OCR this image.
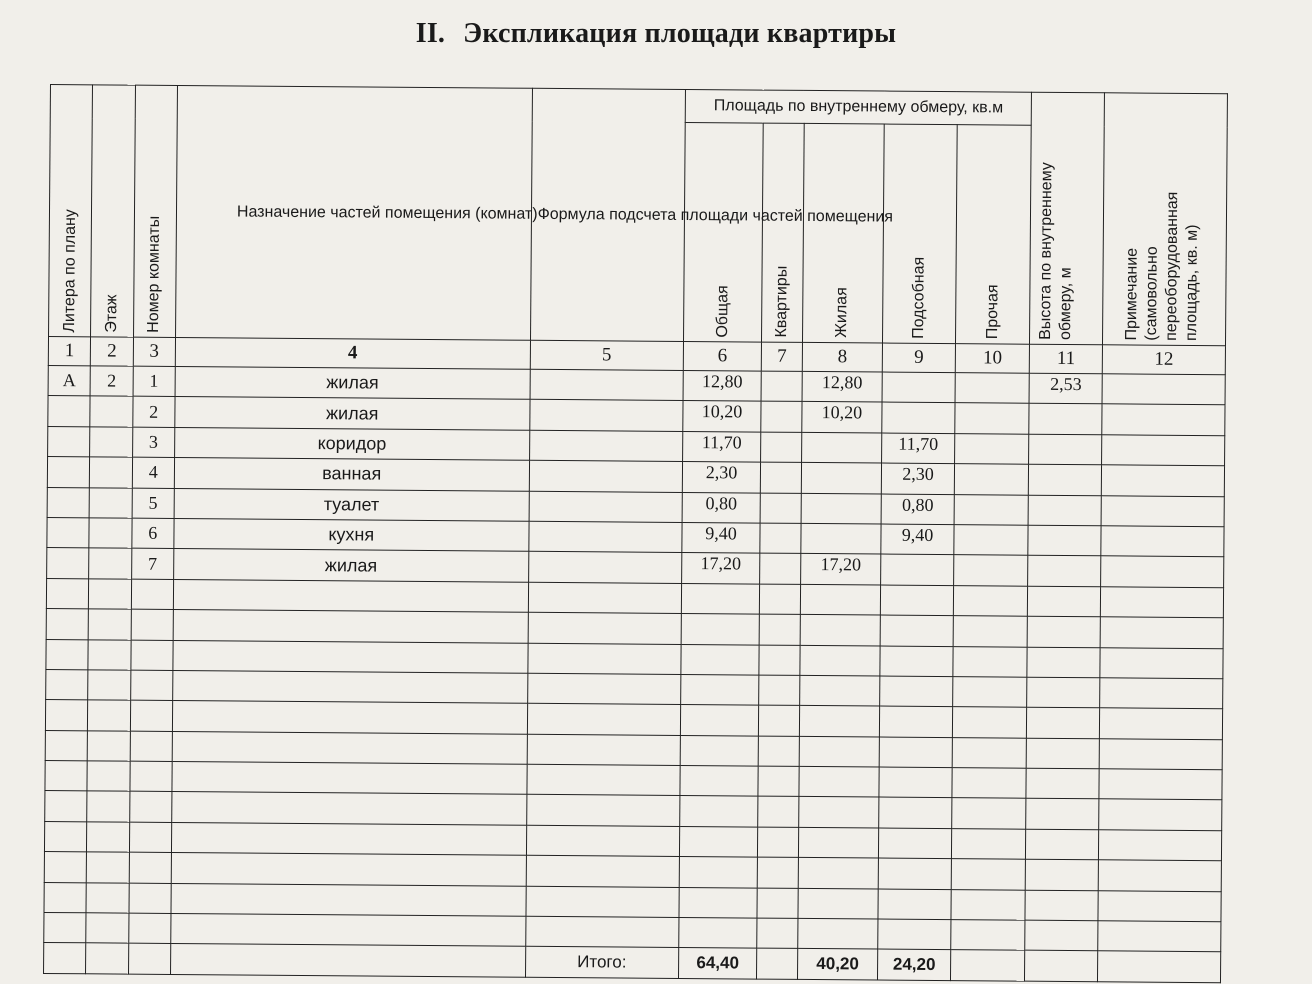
II. Экспликация площади квартиры
Литера по плану	Этаж	Номер комнаты	Назначение частей помещения (комнат)	Формула подсчета площади частей помещения	Площадь по внутреннему обмеру, кв.м					Высота по внутреннему обмеру, м	Примечание (самовольно переоборудованная площадь, кв. м)

					Общая	Квартиры	Жилая	Подсобная	Прочая		

1	2	3	4	5	6	7	8	9	10	11	12
А	2	1	жилая		12,80		12,80			2,53	
		2	жилая		10,20		10,20				
		3	коридор		11,70			11,70			
		4	ванная		2,30			2,30			
		5	туалет		0,80			0,80			
		6	кухня		9,40			9,40			
		7	жилая		17,20		17,20				

				Итого:	64,40		40,20	24,20			
